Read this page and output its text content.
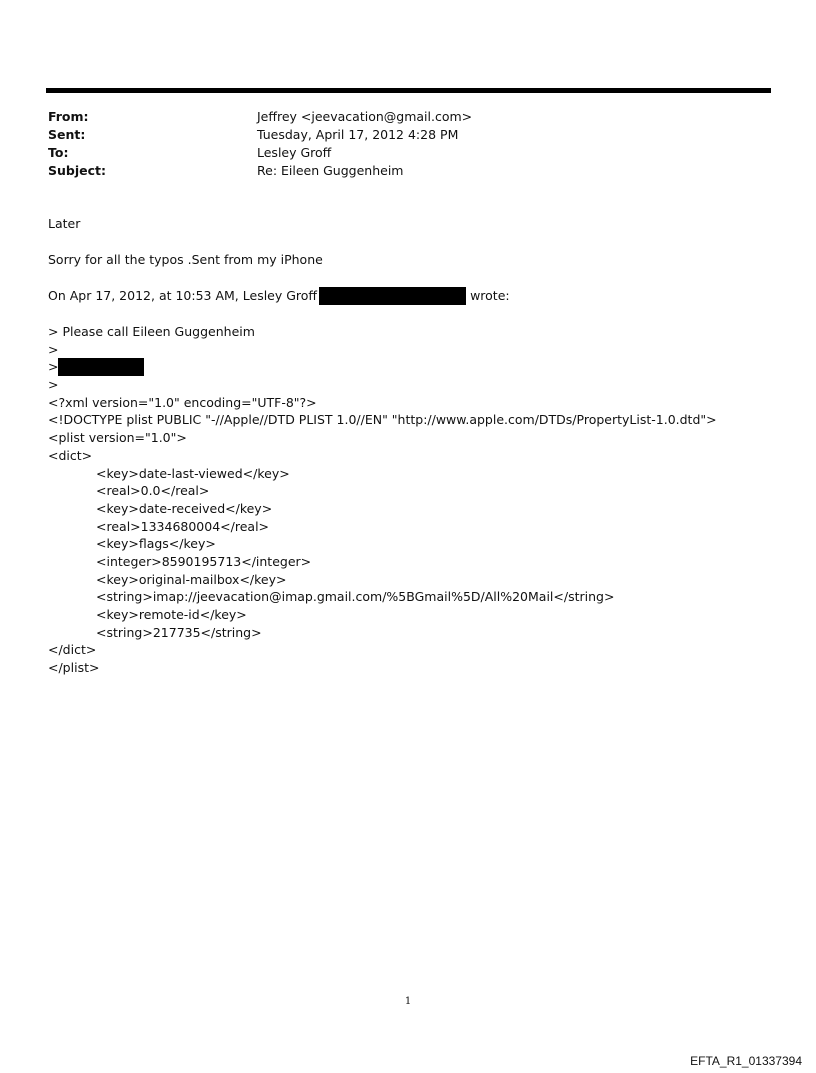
From:	Jeffrey <jeevacation@gmail.com>
Sent:	Tuesday, April 17, 2012 4:28 PM
To:	Lesley Groff
Subject:	Re: Eileen Guggenheim
Later
Sorry for all the typos .Sent from my iPhone
On Apr 17, 2012, at 10:53 AM, Lesley Groff	wrote:
> Please call Eileen Guggenheim
>
>
>
<?xml version="1.0" encoding="UTF-8"?>
<!DOCTYPE plist PUBLIC "-//Apple//DTD PLIST 1.0//EN" "http://www.apple.com/DTDs/PropertyList-1.0.dtd">
<plist version="1.0">
<dict>
<key>date-last-viewed</key>
<real>0.0</real>
<key>date-received</key>
<real>1334680004</real>
<key>flags</key>
<integer>8590195713</integer>
<key>original-mailbox</key>
<string>imap://jeevacation@imap.gmail.com/%5BGmail%5D/All%20Mail</string>
<key>remote-id</key>
<string>217735</string>
</dict>
</plist>
1
EFTA_R1_01337394
